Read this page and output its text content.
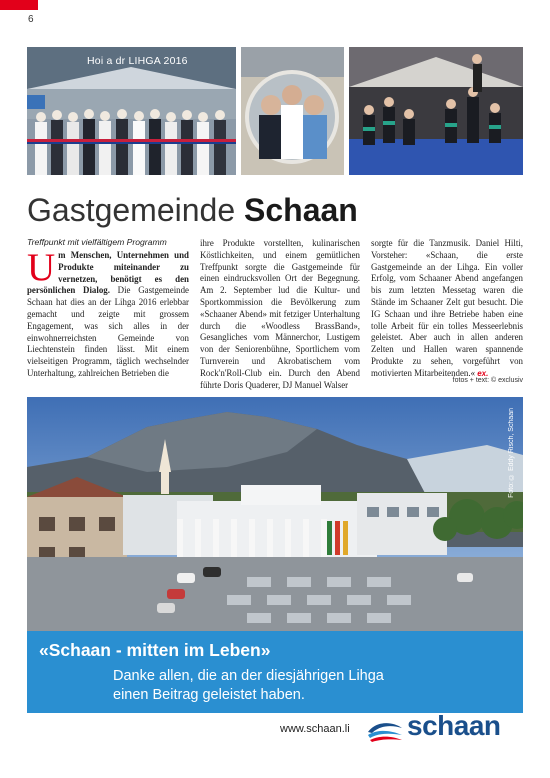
6
Hoi a dr LIHGA 2016
Gastgemeinde Schaan
Treffpunkt mit vielfältigem Programm
U m Menschen, Unternehmen und Produkte miteinander zu vernetzen, benötigt es den persönlichen Dialog. Die Gastgemeinde Schaan hat dies an der Lihga 2016 erlebbar gemacht und zeigte mit grossem Engagement, was sich alles in der einwohnerreichsten Gemeinde von Liechtenstein finden lässt. Mit einem vielseitigen Programm, täglich wechselnder Unterhaltung, zahlreichen Betrieben die
ihre Produkte vorstellten, kulinarischen Köstlichkeiten, und einem gemütlichen Treffpunkt sorgte die Gastgemeinde für einen eindrucksvollen Ort der Begegnung. Am 2. September lud die Kultur- und Sportkommission die Bevölkerung zum «Schaaner Abend» mit fetziger Unterhaltung durch die «Woodless BrassBand», Gesangliches vom Männerchor, Lustigem von der Seniorenbühne, Sportlichem vom Turnverein und Akrobatischem vom Rock'n'Roll-Club ein. Durch den Abend führte Doris Quaderer, DJ Manuel Walser
sorgte für die Tanzmusik. Daniel Hilti, Vorsteher: «Schaan, die erste Gastgemeinde an der Lihga. Ein voller Erfolg, vom Schaaner Abend angefangen bis zum letzten Messetag waren die Stände im Schaaner Zelt gut besucht. Die IG Schaan und ihre Betriebe haben eine tolle Arbeit für ein tolles Messeerlebnis geleistet. Aber auch in allen anderen Zelten und Hallen waren spannende Produkte zu sehen, vorgeführt von motivierten Mitarbeitenden.« ex.
fotos + text: © exclusiv
Foto: © Eddy Risch, Schaan
«Schaan - mitten im Leben»
Danke allen, die an der diesjährigen Lihga
einen Beitrag geleistet haben.
www.schaan.li schaan
